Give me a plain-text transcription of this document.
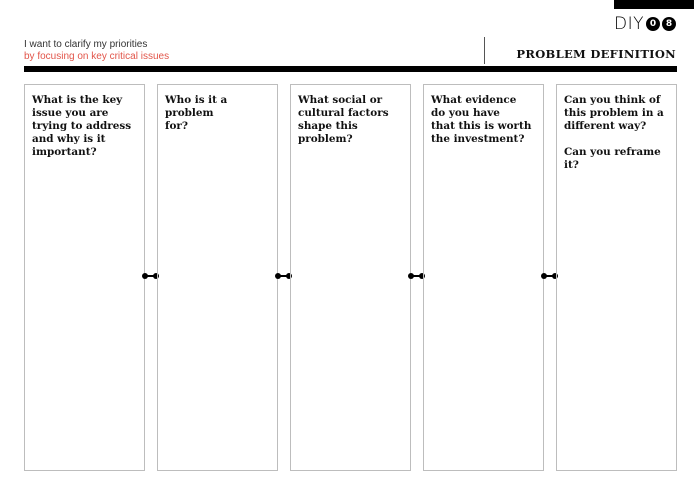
DIY 0	8
I want to clarify my priorities
by focusing on key critical issues	PROBLEM DEFINITION
What is the key
issue you are
trying to address
and why is it
important?
Who is it a problem
for?
What social or
cultural factors
shape this
problem?
What evidence
do you have
that this is worth
the investment?
Can you think of
this problem in a
different way?

Can you reframe it?
